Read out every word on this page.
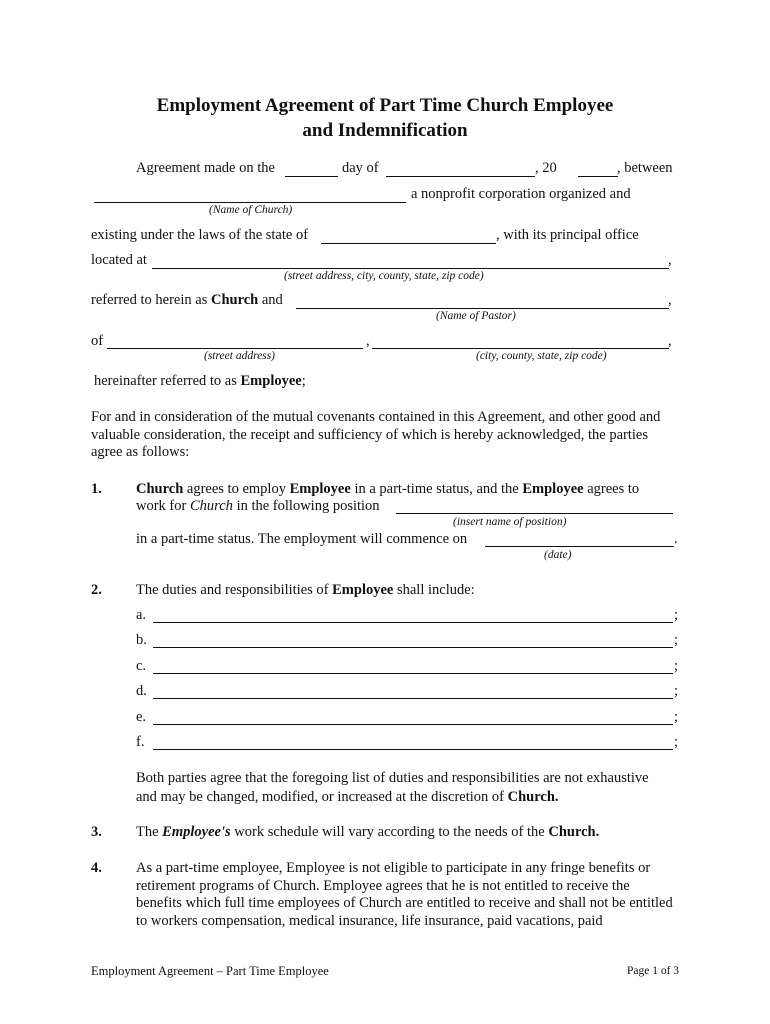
Employment Agreement of Part Time Church Employee
and Indemnification
Agreement made on the	day of	, 20	, between
a nonprofit corporation organized and
(Name of Church)
existing under the laws of the state of	, with its principal office
located at	,
(street address, city, county, state, zip code)
referred to herein as Church and	,
(Name of Pastor)
of	,	,
(street address)	(city, county, state, zip code)
hereinafter referred to as Employee;
For and in consideration of the mutual covenants contained in this Agreement, and other good and valuable consideration, the receipt and sufficiency of which is hereby acknowledged, the parties agree as follows:
1. Church agrees to employ Employee in a part-time status, and the Employee agrees to
work for Church in the following position
(insert name of position)
in a part-time status. The employment will commence on	.
(date)
2. The duties and responsibilities of Employee shall include:
a.	;
b.	;
c.	;
d.	;
e.	;
f.	;
Both parties agree that the foregoing list of duties and responsibilities are not exhaustive
and may be changed, modified, or increased at the discretion of Church.
3. The Employee's work schedule will vary according to the needs of the Church.
4. As a part-time employee, Employee is not eligible to participate in any fringe benefits or retirement programs of Church. Employee agrees that he is not entitled to receive the benefits which full time employees of Church are entitled to receive and shall not be entitled to workers compensation, medical insurance, life insurance, paid vacations, paid
Employment Agreement – Part Time Employee	Page 1 of 3
